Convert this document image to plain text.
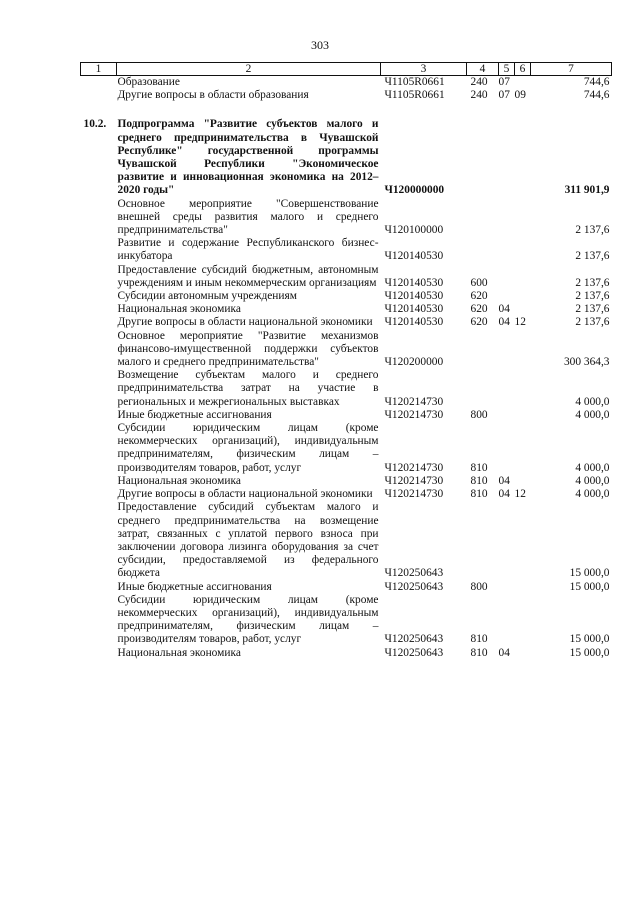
303
1	2	3	4	5	6	7
	Образование	Ч1105R0661	240	07		744,6
	Другие вопросы в области образования	Ч1105R0661	240	07	09	744,6
10.2.	Подпрограмма "Развитие субъектов малого и среднего предпринимательства в Чувашской Республике" государственной программы Чувашской Республики "Экономическое развитие и инновационная экономика на 2012–2020 годы"	Ч120000000				311 901,9
	Основное мероприятие "Совершенствование внешней среды развития малого и среднего предпринимательства"	Ч120100000				2 137,6
	Развитие и содержание Республиканского бизнес-инкубатора	Ч120140530				2 137,6
	Предоставление субсидий бюджетным, автономным учреждениям и иным некоммерческим организациям	Ч120140530	600			2 137,6
	Субсидии автономным учреждениям	Ч120140530	620			2 137,6
	Национальная экономика	Ч120140530	620	04		2 137,6
	Другие вопросы в области национальной экономики	Ч120140530	620	04	12	2 137,6
	Основное мероприятие "Развитие механизмов финансово-имущественной поддержки субъектов малого и среднего предпринимательства"	Ч120200000				300 364,3
	Возмещение субъектам малого и среднего предпринимательства затрат на участие в региональных и межрегиональных выставках	Ч120214730				4 000,0
	Иные бюджетные ассигнования	Ч120214730	800			4 000,0
	Субсидии юридическим лицам (кроме некоммерческих организаций), индивидуальным предпринимателям, физическим лицам – производителям товаров, работ, услуг	Ч120214730	810			4 000,0
	Национальная экономика	Ч120214730	810	04		4 000,0
	Другие вопросы в области национальной экономики	Ч120214730	810	04	12	4 000,0
	Предоставление субсидий субъектам малого и среднего предпринимательства на возмещение затрат, связанных с уплатой первого взноса при заключении договора лизинга оборудования за счет субсидии, предоставляемой из федерального бюджета	Ч120250643				15 000,0
	Иные бюджетные ассигнования	Ч120250643	800			15 000,0
	Субсидии юридическим лицам (кроме некоммерческих организаций), индивидуальным предпринимателям, физическим лицам – производителям товаров, работ, услуг	Ч120250643	810			15 000,0
	Национальная экономика	Ч120250643	810	04		15 000,0
